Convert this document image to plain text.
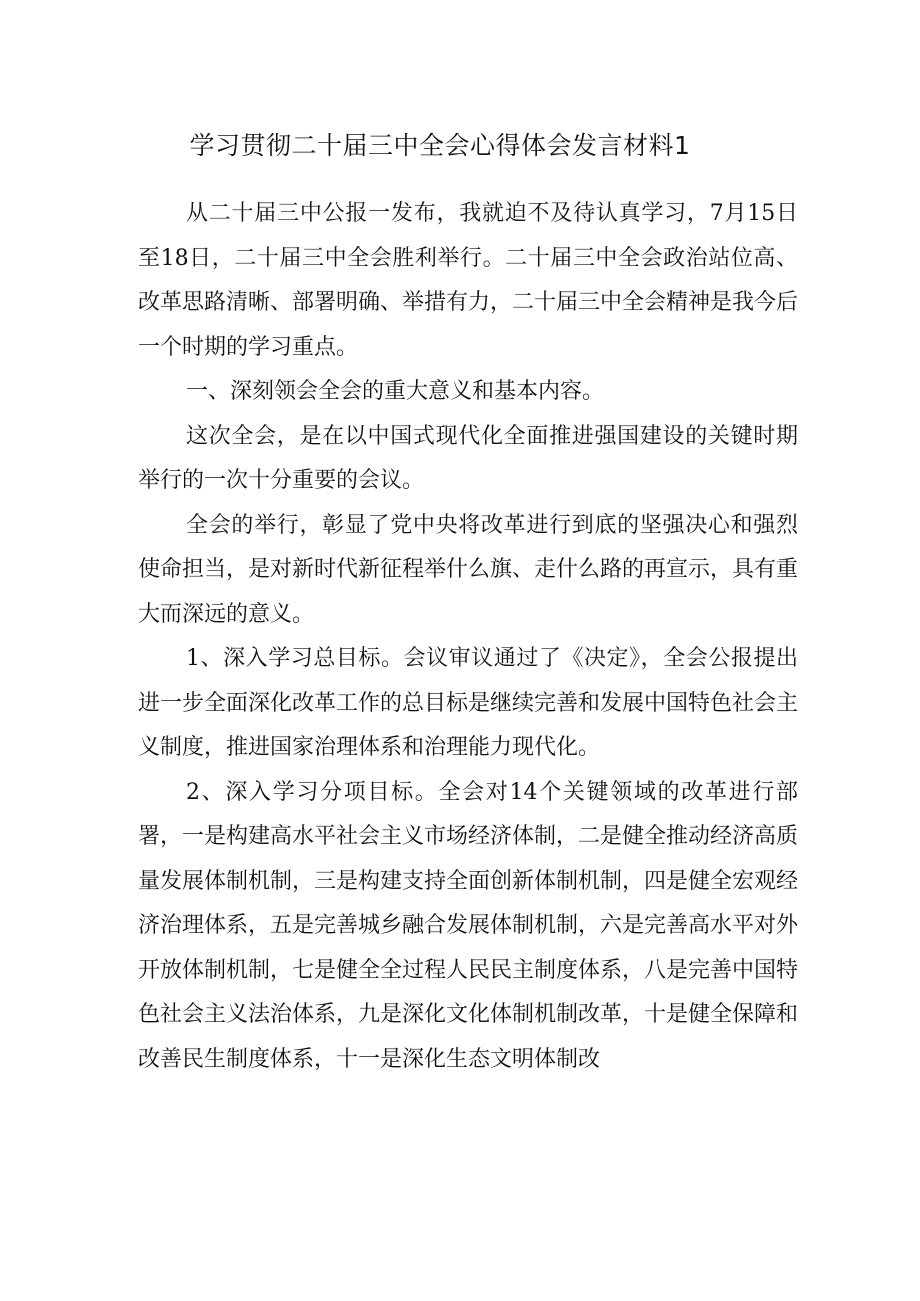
学习贯彻二十届三中全会心得体会发言材料1

从二十届三中公报一发布，我就迫不及待认真学习，7月15日至18日，二十届三中全会胜利举行。二十届三中全会政治站位高、改革思路清晰、部署明确、举措有力，二十届三中全会精神是我今后一个时期的学习重点。

一、深刻领会全会的重大意义和基本内容。

这次全会，是在以中国式现代化全面推进强国建设的关键时期举行的一次十分重要的会议。

全会的举行，彰显了党中央将改革进行到底的坚强决心和强烈使命担当，是对新时代新征程举什么旗、走什么路的再宣示，具有重大而深远的意义。

1、深入学习总目标。会议审议通过了《决定》，全会公报提出进一步全面深化改革工作的总目标是继续完善和发展中国特色社会主义制度，推进国家治理体系和治理能力现代化。

2、深入学习分项目标。全会对14个关键领域的改革进行部署，一是构建高水平社会主义市场经济体制，二是健全推动经济高质量发展体制机制，三是构建支持全面创新体制机制，四是健全宏观经济治理体系，五是完善城乡融合发展体制机制，六是完善高水平对外开放体制机制，七是健全全过程人民民主制度体系，八是完善中国特色社会主义法治体系，九是深化文化体制机制改革，十是健全保障和改善民生制度体系，十一是深化生态文明体制改
